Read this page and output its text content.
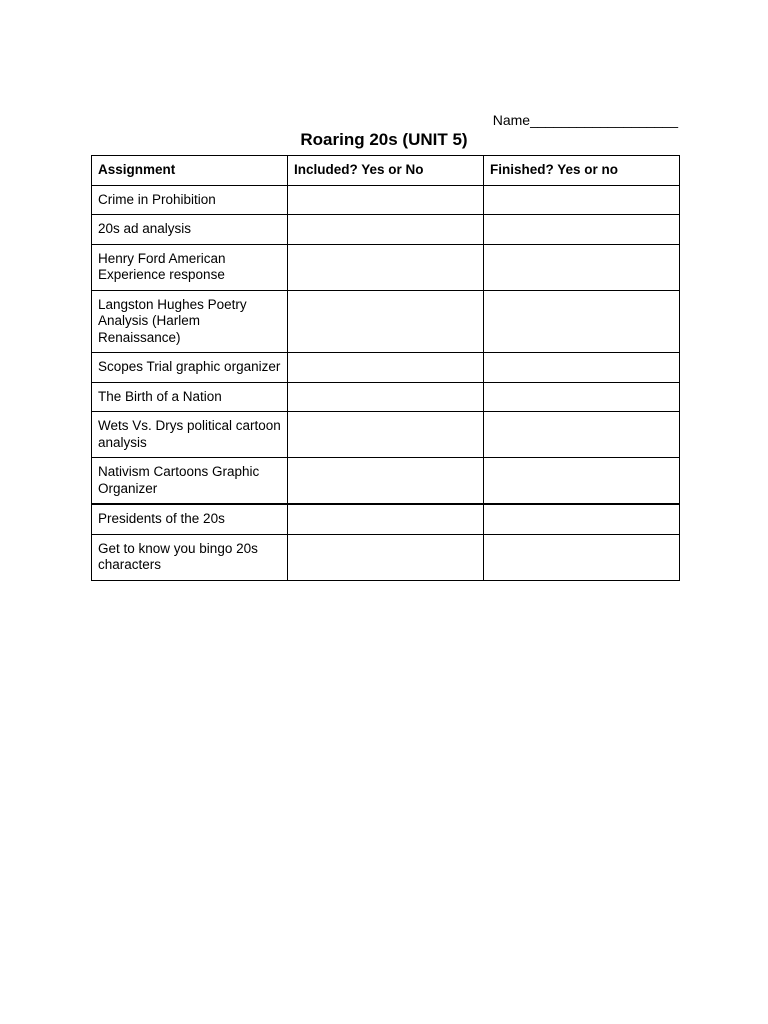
Name___________________
Roaring 20s (UNIT 5)
Assignment	Included? Yes or No	Finished? Yes or no
Crime in Prohibition		
20s ad analysis		
Henry Ford American Experience response		
Langston Hughes Poetry Analysis (Harlem Renaissance)		
Scopes Trial graphic organizer		
The Birth of a Nation		
Wets Vs. Drys political cartoon analysis		
Nativism Cartoons Graphic Organizer		
Presidents of the 20s		
Get to know you bingo 20s characters		
